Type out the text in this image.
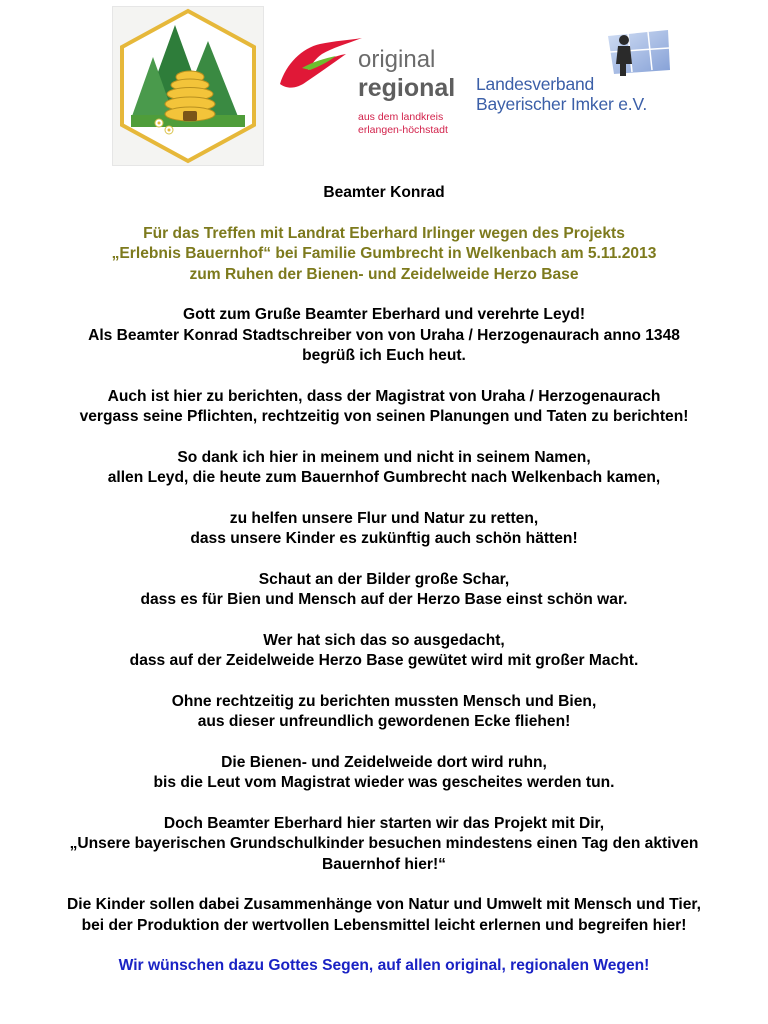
original
regional
aus dem landkreis
erlangen-höchstadt
Landesverband
Bayerischer Imker e.V.

Beamter Konrad

Für das Treffen mit Landrat Eberhard Irlinger wegen des Projekts
„Erlebnis Bauernhof“ bei Familie Gumbrecht in Welkenbach am 5.11.2013
zum Ruhen der Bienen- und Zeidelweide Herzo Base

Gott zum Gruße Beamter Eberhard und verehrte Leyd!
Als Beamter Konrad Stadtschreiber von von Uraha / Herzogenaurach anno 1348
begrüß ich Euch heut.

Auch ist hier zu berichten, dass der Magistrat von Uraha / Herzogenaurach
vergass seine Pflichten, rechtzeitig von seinen Planungen und Taten zu berichten!

So dank ich hier in meinem und nicht in seinem Namen,
allen Leyd, die heute zum Bauernhof Gumbrecht nach Welkenbach kamen,

zu helfen unsere Flur und Natur zu retten,
dass unsere Kinder es zukünftig auch schön hätten!

Schaut an der Bilder große Schar,
dass es für Bien und Mensch auf der Herzo Base einst schön war.

Wer hat sich das so ausgedacht,
dass auf der Zeidelweide Herzo Base gewütet wird mit großer Macht.

Ohne rechtzeitig zu berichten mussten Mensch und Bien,
aus dieser unfreundlich gewordenen Ecke fliehen!

Die Bienen- und Zeidelweide dort wird ruhn,
bis die Leut vom Magistrat wieder was gescheites werden tun.

Doch Beamter Eberhard hier starten wir das Projekt mit Dir,
„Unsere bayerischen Grundschulkinder besuchen mindestens einen Tag den aktiven
Bauernhof hier!“

Die Kinder sollen dabei Zusammenhänge von Natur und Umwelt mit Mensch und Tier,
bei der Produktion der wertvollen Lebensmittel leicht erlernen und begreifen hier!

Wir wünschen dazu Gottes Segen, auf allen original, regionalen Wegen!
